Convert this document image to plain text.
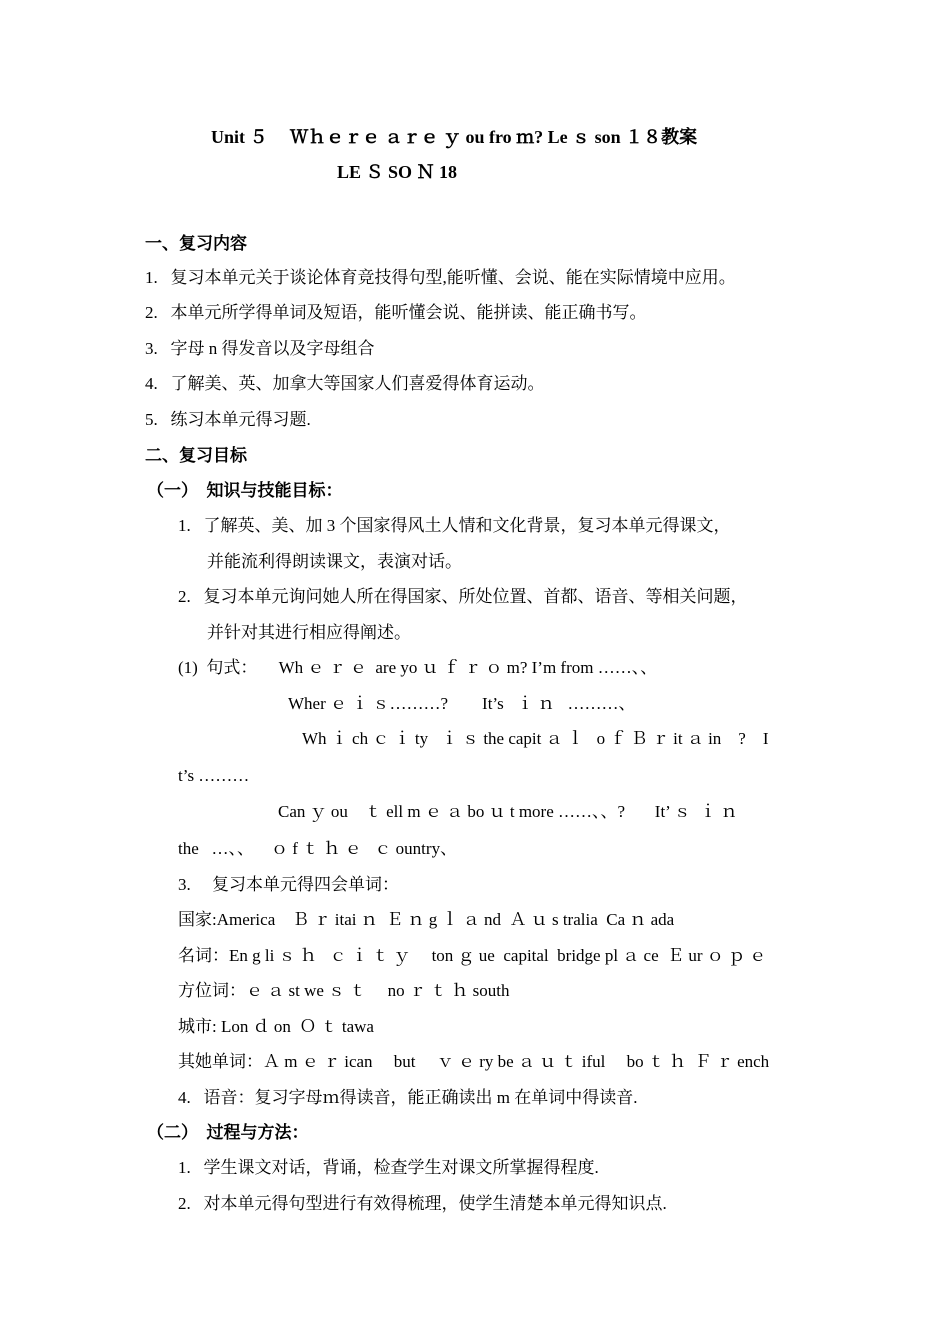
Unit ５　 Ｗｈｅｒｅ ａｒｅ ｙ ou fro ｍ? Le ｓ son １８教案
LE Ｓ SO Ｎ 18
一、复习内容
1.   复习本单元关于谈论体育竞技得句型,能听懂、会说、能在实际情境中应用。
2.   本单元所学得单词及短语，能听懂会说、能拼读、能正确书写。
3.   字母 n 得发音以及字母组合
4.   了解美、英、加拿大等国家人们喜爱得体育运动。
5.   练习本单元得习题.
二、复习目标
（一）  知识与技能目标：
1.   了解英、美、加 3 个国家得风土人情和文化背景，复习本单元得课文，
并能流利得朗读课文，表演对话。
2.   复习本单元询问她人所在得国家、所处位置、首都、语音、等相关问题，
并针对其进行相应得阐述。
(1)  句式：     Wh ｅ ｒ ｅ  are yo ｕ ｆ ｒ ｏ m? I’m from ……、、
Wher ｅ ｉ ｓ………?        It’s   ｉ ｎ   ………、
Wh ｉ ch ｃ ｉ ty   ｉ ｓ the capit ａ ｌ   o ｆ Ｂ ｒ it ａ in    ?    I
t’s ………
Can ｙ ou    ｔ ell m ｅ ａ bo ｕ t more ……、、?       It’ ｓ  ｉ ｎ
the   …、、    ｏ f ｔ ｈ ｅ   ｃ ountry、
3.     复习本单元得四会单词：
国家:America    Ｂ ｒ itai ｎ  Ｅ ｎ g ｌ ａ nd  Ａ ｕ s tralia  Ca ｎ ada
名词：En g li ｓ ｈ   ｃ ｉ ｔ ｙ     ton ｇ ue  capital  bridge pl ａ ce  Ｅ ur ｏ ｐ ｅ
方位词：ｅ ａ st we ｓ ｔ     no ｒ ｔ ｈ south
城市: Lon ｄ on  Ｏ ｔ tawa
其她单词：Ａ m ｅ ｒ ican     but     ｖ ｅ ry be ａ ｕ ｔ iful     bo ｔ ｈ  Ｆ ｒ ench
4.   语音：复习字母ｍ得读音，能正确读出 m 在单词中得读音.
（二）  过程与方法：
1.   学生课文对话，背诵，检查学生对课文所掌握得程度.
2.   对本单元得句型进行有效得梳理，使学生清楚本单元得知识点.
